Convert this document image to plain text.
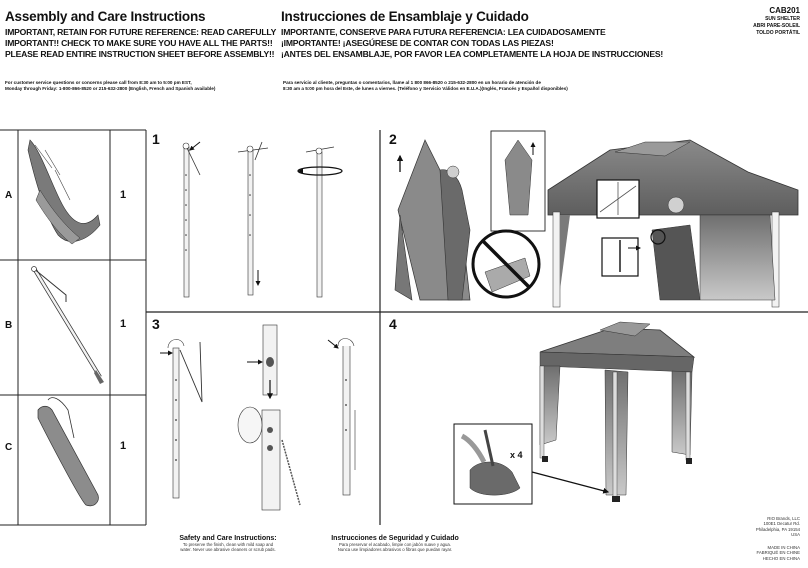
Assembly and Care Instructions
IMPORTANT, RETAIN FOR FUTURE REFERENCE: READ CAREFULLY
IMPORTANT!! CHECK TO MAKE SURE YOU HAVE ALL THE PARTS!!
PLEASE READ ENTIRE INSTRUCTION SHEET BEFORE ASSEMBLY!!
For customer service questions or concerns please call from 8:30 am to 5:00 pm EST,
Monday through Friday: 1-800-866-8520 or 215-632-2800 (English, French and Spanish available)
Instrucciones de Ensamblaje y Cuidado
IMPORTANTE, CONSERVE PARA FUTURA REFERENCIA: LEA CUIDADOSAMENTE
¡IMPORTANTE! ¡ASEGÚRESE DE CONTAR CON TODAS LAS PIEZAS!
¡ANTES DEL ENSAMBLAJE, POR FAVOR LEA COMPLETAMENTE LA HOJA DE INSTRUCCIONES!
Para servicio al cliente, preguntas o comentarios, llame al 1 800 866-8520 o 215-632-2800 en un horario de atención de
8:30 am a 5:00 pm hora del Este, de lunes a viernes. (Teléfono y Servicio Válidos en E.U.A.)(Inglés, Francés y Español disponibles)
CAB201
SUN SHELTER
ABRI PARE-SOLEIL
TOLDO PORTÁTIL
A	1
B	1
C	1
1	2
3	4
x 4
Safety and Care Instructions:
To preserve the finish, clean with mild soap and
water. Never use abrasive cleaners or scrub pads.
Instrucciones de Seguridad y Cuidado
Para preservar el acabado, limpie con jabón suave y agua.
Nunca use limpiadores abrasivos o fibras que puedan rayar.
RIO Brands, LLC
100E1 Decatur Rd.
Philadelphia, PA 19154
USA
MADE IN CHINA
FABRIQUÉ EN CHINE
HECHO EN CHINA
